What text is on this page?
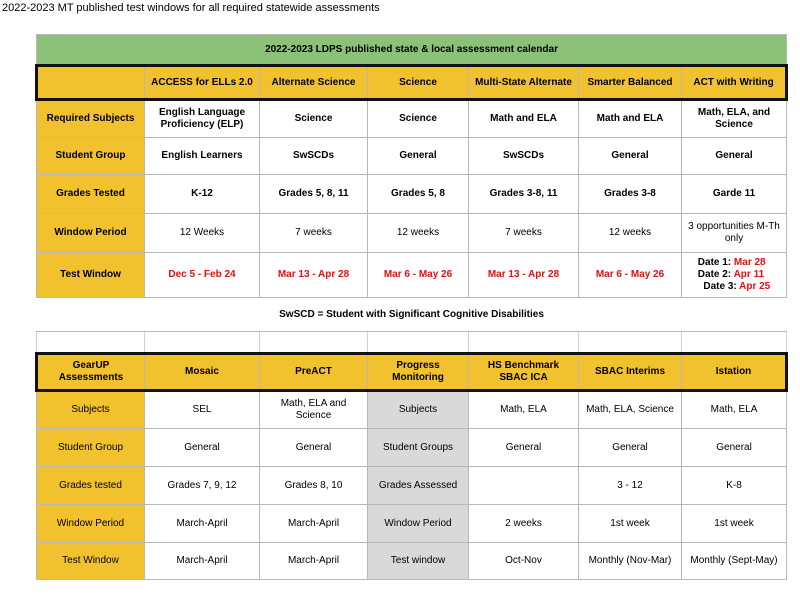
2022-2023 MT published test windows for all required statewide assessments
2022-2023 LDPS published state & local assessment calendar						
	ACCESS for ELLs 2.0	Alternate Science	Science	Multi-State Alternate	Smarter Balanced	ACT with Writing
Required Subjects	English Language Proficiency (ELP)	Science	Science	Math and ELA	Math and ELA	Math, ELA, and Science
Student Group	English Learners	SwSCDs	General	SwSCDs	General	General
Grades Tested	K-12	Grades 5, 8, 11	Grades 5, 8	Grades 3-8, 11	Grades 3-8	Garde 11
Window Period	12 Weeks	7 weeks	12 weeks	7 weeks	12 weeks	3 opportunities M-Th only
Test Window	Dec 5 - Feb 24	Mar 13 - Apr 28	Mar 6 - May 26	Mar 13 - Apr 28	Mar 6 - May 26	Date 1: Mar 28
Date 2: Apr 11
Date 3: Apr 25
SwSCD = Student with Significant Cognitive Disabilities						

GearUP Assessments	Mosaic	PreACT	Progress Monitoring	HS Benchmark SBAC ICA	SBAC Interims	Istation
Subjects	SEL	Math, ELA and Science	Subjects	Math, ELA	Math, ELA, Science	Math, ELA
Student Group	General	General	Student Groups	General	General	General
Grades tested	Grades 7, 9, 12	Grades 8, 10	Grades Assessed		3 - 12	K-8
Window Period	March-April	March-April	Window Period	2 weeks	1st week	1st week
Test Window	March-April	March-April	Test window	Oct-Nov	Monthly (Nov-Mar)	Monthly (Sept-May)
